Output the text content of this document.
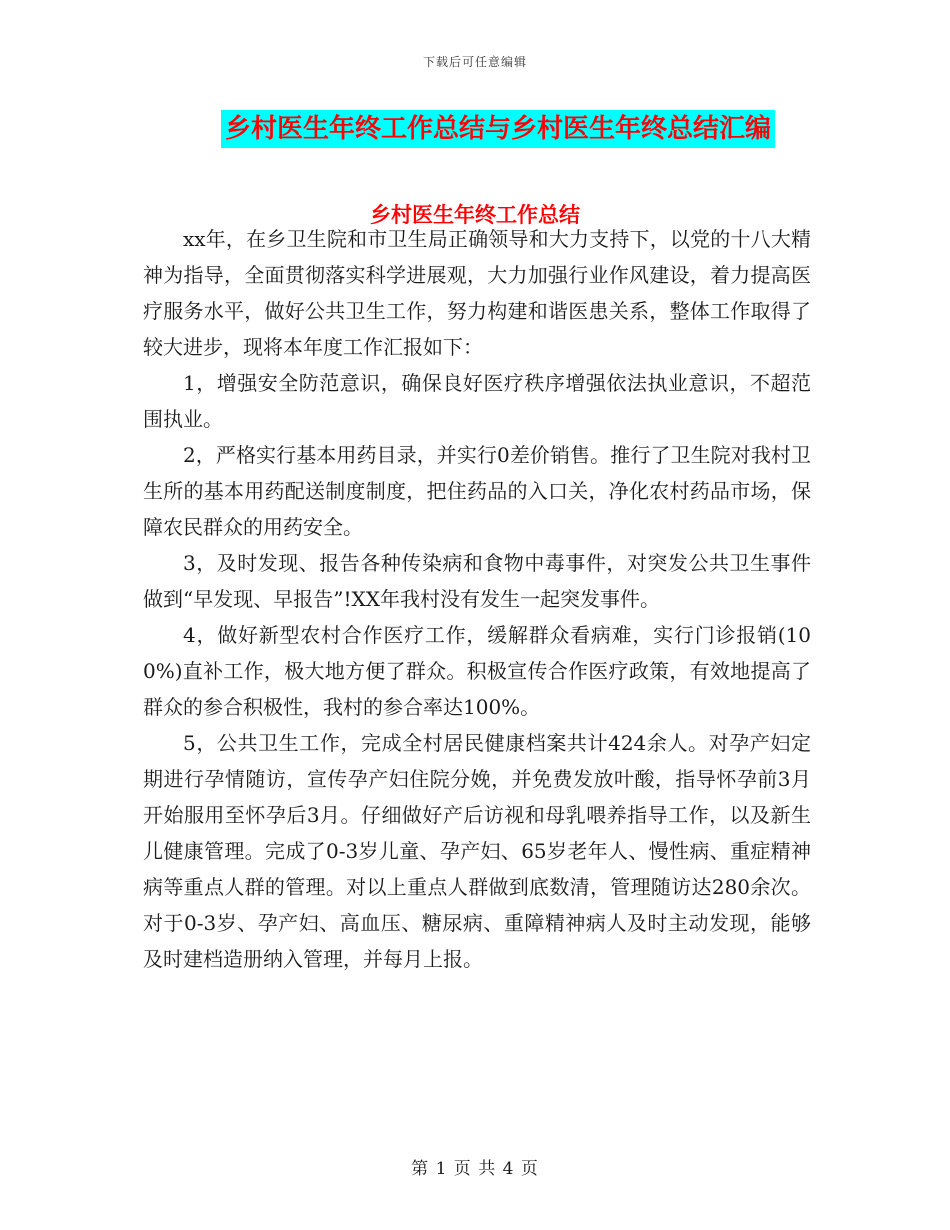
下载后可任意编辑
乡村医生年终工作总结与乡村医生年终总结汇编
乡村医生年终工作总结

xx年，在乡卫生院和市卫生局正确领导和大力支持下，以党的十八大精神为指导，全面贯彻落实科学进展观，大力加强行业作风建设，着力提高医疗服务水平，做好公共卫生工作，努力构建和谐医患关系，整体工作取得了较大进步，现将本年度工作汇报如下：

1，增强安全防范意识，确保良好医疗秩序增强依法执业意识，不超范围执业。

2，严格实行基本用药目录，并实行0差价销售。推行了卫生院对我村卫生所的基本用药配送制度制度，把住药品的入口关，净化农村药品市场，保障农民群众的用药安全。

3，及时发现、报告各种传染病和食物中毒事件，对突发公共卫生事件做到“早发现、早报告”!XX年我村没有发生一起突发事件。

4，做好新型农村合作医疗工作，缓解群众看病难，实行门诊报销(100%)直补工作，极大地方便了群众。积极宣传合作医疗政策，有效地提高了群众的参合积极性，我村的参合率达100%。

5，公共卫生工作，完成全村居民健康档案共计424余人。对孕产妇定期进行孕情随访，宣传孕产妇住院分娩，并免费发放叶酸，指导怀孕前3月开始服用至怀孕后3月。仔细做好产后访视和母乳喂养指导工作，以及新生儿健康管理。完成了0-3岁儿童、孕产妇、65岁老年人、慢性病、重症精神病等重点人群的管理。对以上重点人群做到底数清，管理随访达280余次。对于0-3岁、孕产妇、高血压、糖尿病、重障精神病人及时主动发现，能够及时建档造册纳入管理，并每月上报。

第 1 页 共 4 页
